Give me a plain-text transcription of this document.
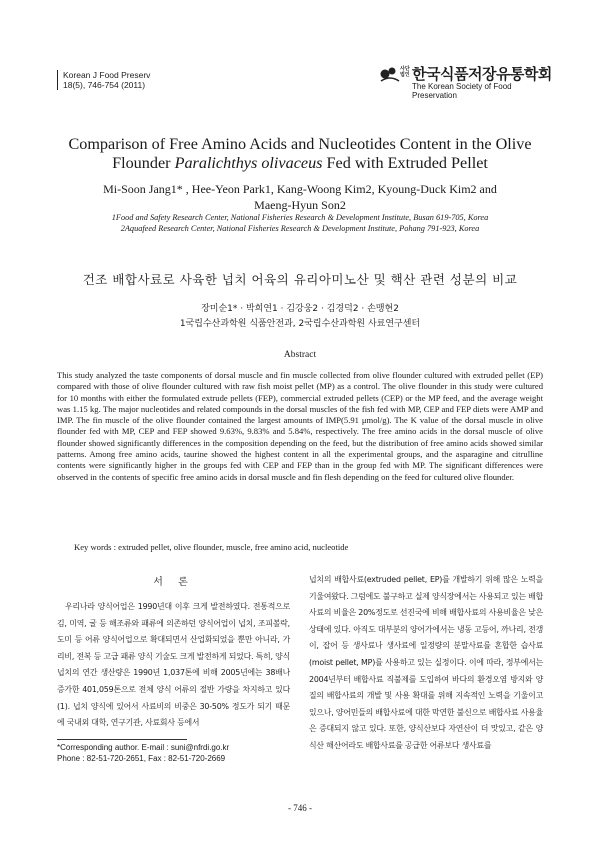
Korean J Food Preserv
18(5), 746-754 (2011)
사단
법인 한국식품저장유통학회
The Korean Society of Food Preservation
Comparison of Free Amino Acids and Nucleotides Content in the Olive
Flounder Paralichthys olivaceus Fed with Extruded Pellet
Mi-Soon Jang1* , Hee-Yeon Park1, Kang-Woong Kim2, Kyoung-Duck Kim2 and
Maeng-Hyun Son2
1Food and Safety Research Center, National Fisheries Research & Development Institute, Busan 619-705, Korea
2Aquafeed Research Center, National Fisheries Research & Development Institute, Pohang 791-923, Korea
건조 배합사료로 사육한 넙치 어육의 유리아미노산 및 핵산 관련 성분의 비교
장미순1* · 박희연1 · 김강웅2 · 김경덕2 · 손맹현2
1국립수산과학원 식품안전과, 2국립수산과학원 사료연구센터
Abstract
This study analyzed the taste components of dorsal muscle and fin muscle collected from olive flounder cultured with extruded pellet (EP) compared with those of olive flounder cultured with raw fish moist pellet (MP) as a control. The olive flounder in this study were cultured for 10 months with either the formulated extrude pellets (FEP), commercial extruded pellets (CEP) or the MP feed, and the average weight was 1.15 kg. The major nucleotides and related compounds in the dorsal muscles of the fish fed with MP, CEP and FEP diets were AMP and IMP. The fin muscle of the olive flounder contained the largest amounts of IMP(5.91 μmol/g). The K value of the dorsal muscle in olive flounder fed with MP, CEP and FEP showed 9.63%, 9.83% and 5.84%, respectively. The free amino acids in the dorsal muscle of olive flounder showed significantly differences in the composition depending on the feed, but the distribution of free amino acids showed similar patterns. Among free amino acids, taurine showed the highest content in all the experimental groups, and the asparagine and citrulline contents were significantly higher in the groups fed with CEP and FEP than in the group fed with MP. The significant differences were observed in the contents of specific free amino acids in dorsal muscle and fin flesh depending on the feed for cultured olive flounder.
Key words : extruded pellet, olive flounder, muscle, free amino acid, nucleotide
서 론
우리나라 양식어업은 1990년대 이후 크게 발전하였다. 전통적으로 김, 미역, 굴 등 해조류와 패류에 의존하던 양식어업이 넙치, 조피볼락, 도미 등 어류 양식어업으로 확대되면서 산업화되었을 뿐만 아니라, 가리비, 전복 등 고급 패류 양식 기술도 크게 발전하게 되었다. 특히, 양식넙치의 연간 생산량은 1990년 1,037톤에 비해 2005년에는 38배나 증가한 401,059톤으로 전체 양식 어류의 절반 가량을 차지하고 있다(1). 넙치 양식에 있어서 사료비의 비중은 30-50% 정도가 되기 때문에 국내외 대학, 연구기관, 사료회사 등에서
넙치의 배합사료(extruded pellet, EP)를 개발하기 위해 많은 노력을 기울여왔다. 그럼에도 불구하고 실제 양식장에서는 사용되고 있는 배합사료의 비율은 20%정도로 선진국에 비해 배합사료의 사용비율은 낮은 상태에 있다. 아직도 대부분의 양어가에서는 냉동 고등어, 까나리, 전갱이, 잡어 등 생사료나 생사료에 일정량의 분말사료를 혼합한 습사료(moist pellet, MP)를 사용하고 있는 실정이다. 이에 따라, 정부에서는 2004년부터 배합사료 직불제를 도입하여 바다의 환경오염 방지와 양질의 배합사료의 개발 및 사용 확대를 위해 지속적인 노력을 기울이고 있으나, 양어민들의 배합사료에 대한 막연한 불신으로 배합사료 사용율은 증대되지 않고 있다. 또한, 양식산보다 자연산이 더 맛있고, 같은 양식산 해산어라도 배합사료를 공급한 어류보다 생사료를
*Corresponding author. E-mail : suni@nfrdi.go.kr
Phone : 82-51-720-2651, Fax : 82-51-720-2669
- 746 -
